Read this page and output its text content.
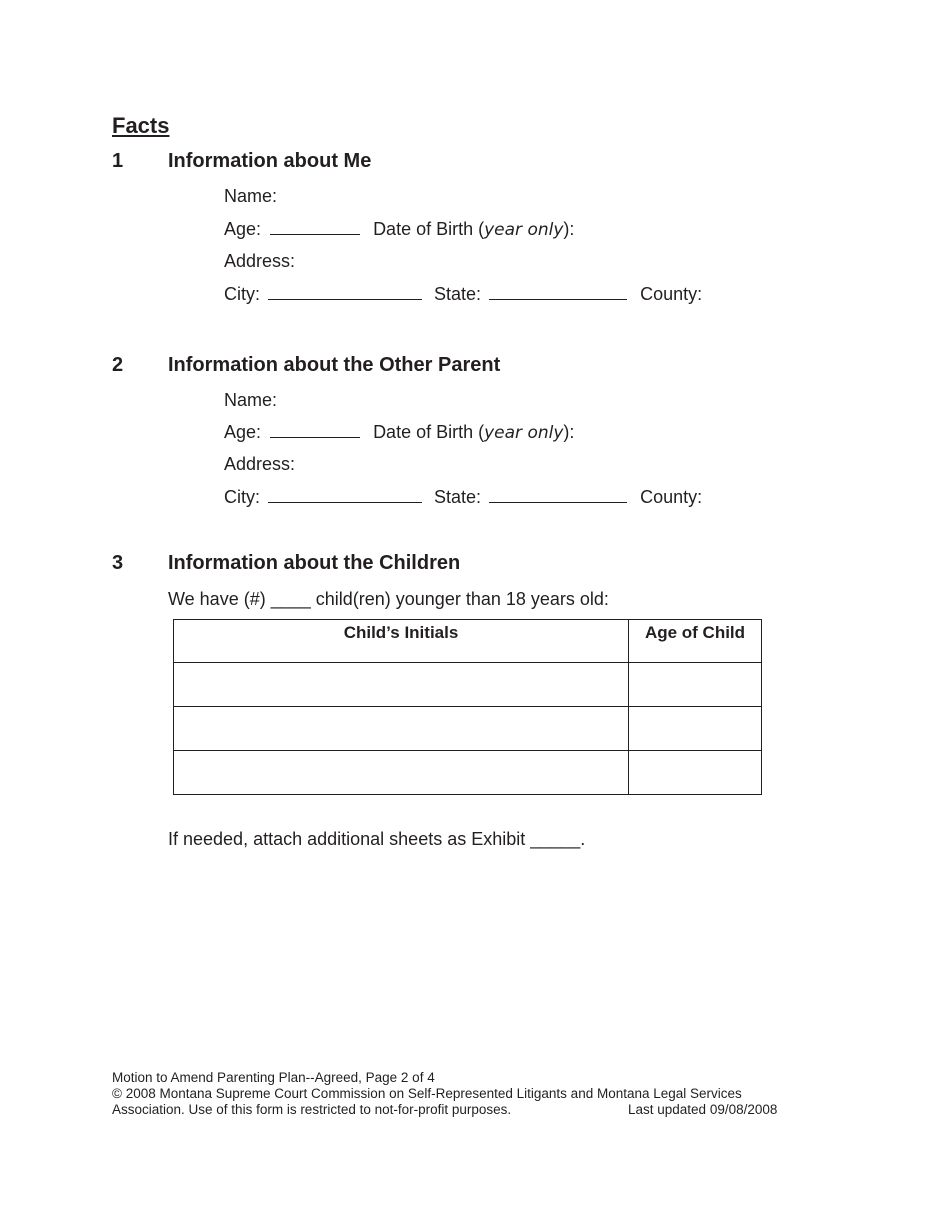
Facts
1 Information about Me
Name:
Age:	Date of Birth (year only):
Address:
City:	State:	County:
2 Information about the Other Parent
Name:
Age:	Date of Birth (year only):
Address:
City:	State:	County:
3 Information about the Children
We have (#) ____ child(ren) younger than 18 years old:
Child’s Initials	Age of Child

If needed, attach additional sheets as Exhibit _____.
Motion to Amend Parenting Plan--Agreed, Page 2 of 4
© 2008 Montana Supreme Court Commission on Self-Represented Litigants and Montana Legal Services
Association. Use of this form is restricted to not-for-profit purposes.	Last updated 09/08/2008
